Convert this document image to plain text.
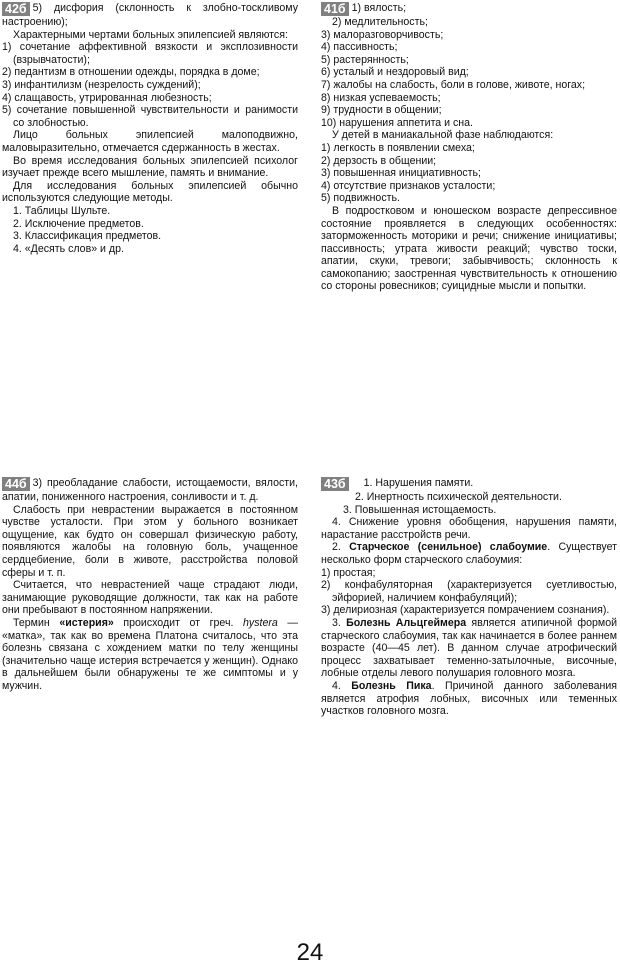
42б 5) дисфория (склонность к злобно-тоскливому настроению);

Характерными чертами больных эпилепсией являются:

1) сочетание аффективной вязкости и эксплозивности (взрывчатости);

2) педантизм в отношении одежды, порядка в доме;

3) инфантилизм (незрелость суждений);

4) слащавость, утрированная любезность;

5) сочетание повышенной чувствительности и ранимости со злобностью.

Лицо больных эпилепсией малоподвижно, маловыразительно, отмечается сдержанность в жестах.

Во время исследования больных эпилепсией психолог изучает прежде всего мышление, память и внимание.

Для исследования больных эпилепсией обычно используются следующие методы.

1. Таблицы Шульте.

2. Исключение предметов.

3. Классификация предметов.

4. «Десять слов» и др.

41б 1) вялость;

2) медлительность;

3) малоразговорчивость;

4) пассивность;

5) растерянность;

6) усталый и нездоровый вид;

7) жалобы на слабость, боли в голове, животе, ногах;

8) низкая успеваемость;

9) трудности в общении;

10) нарушения аппетита и сна.

У детей в маниакальной фазе наблюдаются:

1) легкость в появлении смеха;

2) дерзость в общении;

3) повышенная инициативность;

4) отсутствие признаков усталости;

5) подвижность.

В подростковом и юношеском возрасте депрессивное состояние проявляется в следующих особенностях: заторможенность моторики и речи; снижение инициативы; пассивность; утрата живости реакций; чувство тоски, апатии, скуки, тревоги; забывчивость; склонность к самокопанию; заостренная чувствительность к отношению со стороны ровесников; суицидные мысли и попытки.

44б 3) преобладание слабости, истощаемости, вялости, апатии, пониженного настроения, сонливости и т. д.

Слабость при неврастении выражается в постоянном чувстве усталости. При этом у больного возникает ощущение, как будто он совершал физическую работу, появляются жалобы на головную боль, учащенное сердцебиение, боли в животе, расстройства половой сферы и т. п.

Считается, что неврастенией чаще страдают люди, занимающие руководящие должности, так как на работе они пребывают в постоянном напряжении.

Термин «истерия» происходит от греч. hystera — «матка», так как во времена Платона считалось, что эта болезнь связана с хождением матки по телу женщины (значительно чаще истерия встречается у женщин). Однако в дальнейшем были обнаружены те же симптомы и у мужчин.

43б 1. Нарушения памяти.

2. Инертность психической деятельности.

3. Повышенная истощаемость.

4. Снижение уровня обобщения, нарушения памяти, нарастание расстройств речи.

2. Старческое (сенильное) слабоумие. Существует несколько форм старческого слабоумия:

1) простая;

2) конфабуляторная (характеризуется суетливостью, эйфорией, наличием конфабуляций);

3) делириозная (характеризуется помрачением сознания).

3. Болезнь Альцгеймера является атипичной формой старческого слабоумия, так как начинается в более раннем возрасте (40—45 лет). В данном случае атрофический процесс захватывает теменно-затылочные, височные, лобные отделы левого полушария головного мозга.

4. Болезнь Пика. Причиной данного заболевания является атрофия лобных, височных или теменных участков головного мозга.

24
